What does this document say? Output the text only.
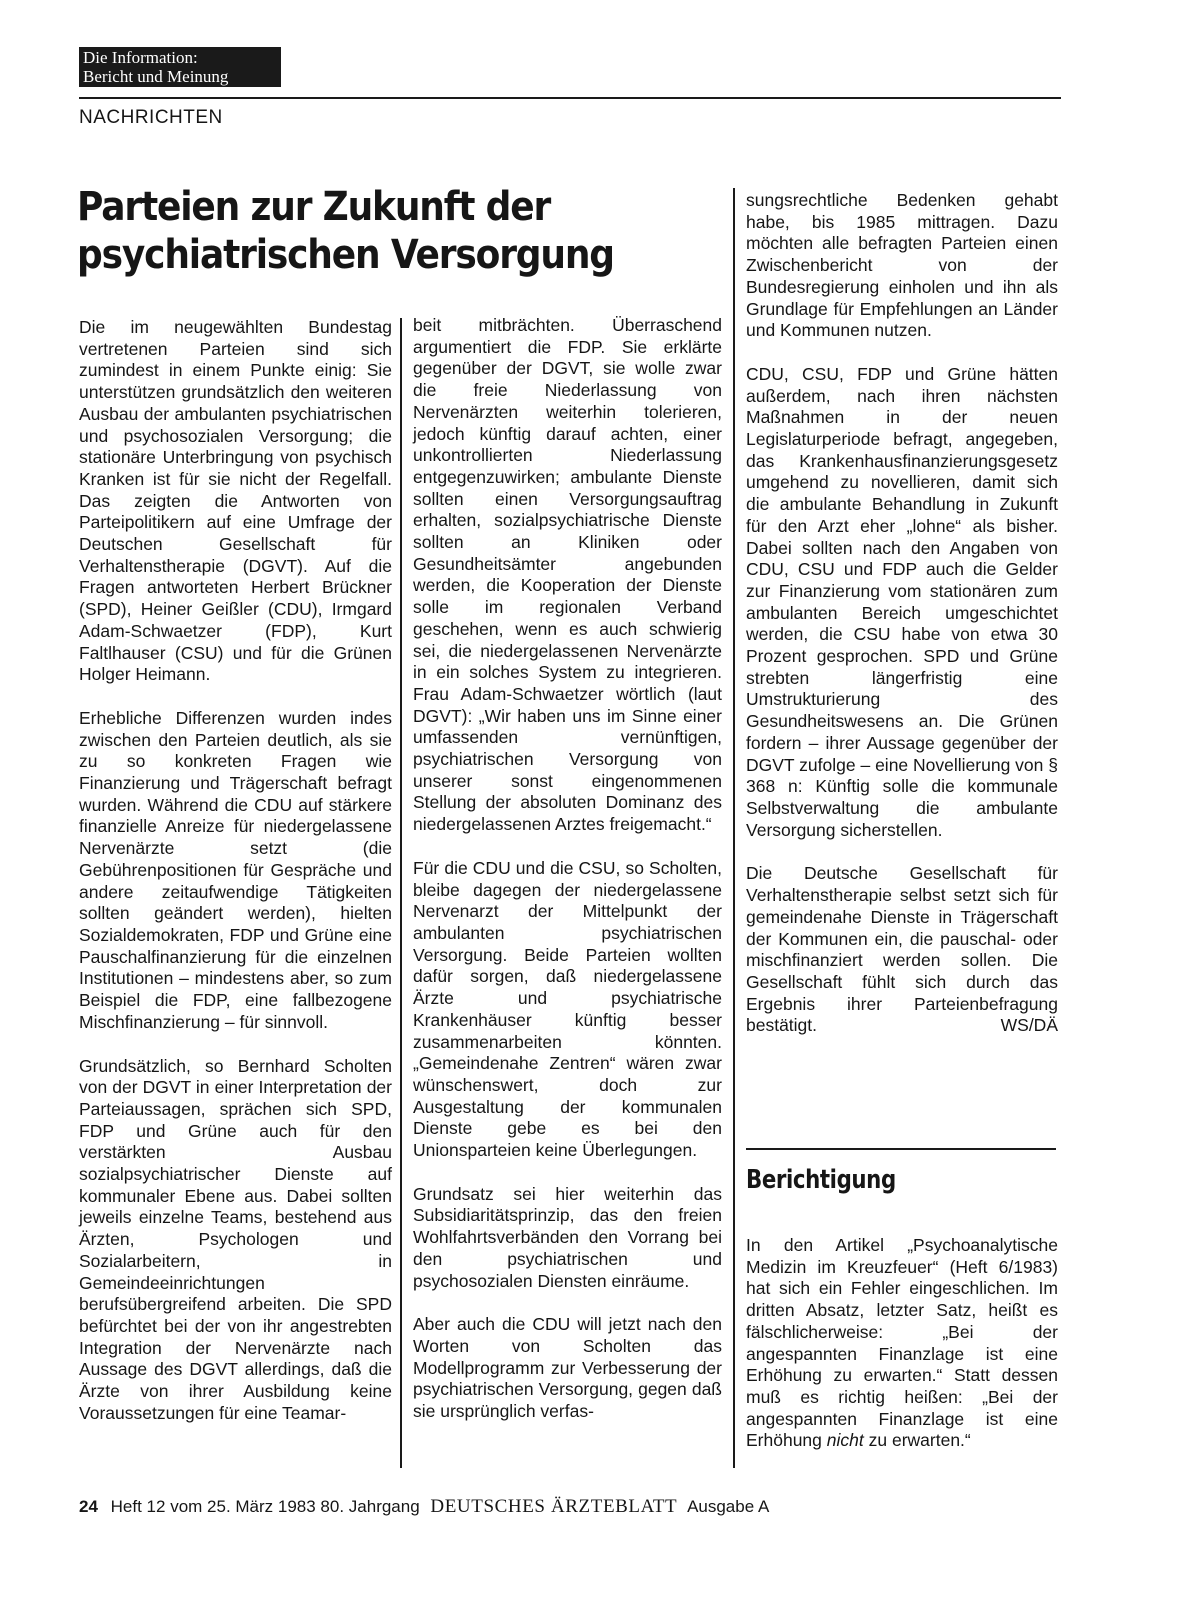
Die Information:
Bericht und Meinung
NACHRICHTEN
Parteien zur Zukunft der
psychiatrischen Versorgung

Die im neugewählten Bundestag vertretenen Parteien sind sich zumindest in einem Punkte einig: Sie unterstützen grundsätzlich den weiteren Ausbau der ambulanten psychiatrischen und psychosozialen Versorgung; die stationäre Unterbringung von psychisch Kranken ist für sie nicht der Regelfall. Das zeigten die Antworten von Parteipolitikern auf eine Umfrage der Deutschen Gesellschaft für Verhaltenstherapie (DGVT). Auf die Fragen antworteten Herbert Brückner (SPD), Heiner Geißler (CDU), Irmgard Adam-Schwaetzer (FDP), Kurt Faltlhauser (CSU) und für die Grünen Holger Heimann.

Erhebliche Differenzen wurden indes zwischen den Parteien deutlich, als sie zu so konkreten Fragen wie Finanzierung und Trägerschaft befragt wurden. Während die CDU auf stärkere finanzielle Anreize für niedergelassene Nervenärzte setzt (die Gebührenpositionen für Gespräche und andere zeitaufwendige Tätigkeiten sollten geändert werden), hielten Sozialdemokraten, FDP und Grüne eine Pauschalfinanzierung für die einzelnen Institutionen – mindestens aber, so zum Beispiel die FDP, eine fallbezogene Mischfinanzierung – für sinnvoll.

Grundsätzlich, so Bernhard Scholten von der DGVT in einer Interpretation der Parteiaussagen, sprächen sich SPD, FDP und Grüne auch für den verstärkten Ausbau sozialpsychiatrischer Dienste auf kommunaler Ebene aus. Dabei sollten jeweils einzelne Teams, bestehend aus Ärzten, Psychologen und Sozialarbeitern, in Gemeindeeinrichtungen berufsübergreifend arbeiten. Die SPD befürchtet bei der von ihr angestrebten Integration der Nervenärzte nach Aussage des DGVT allerdings, daß die Ärzte von ihrer Ausbildung keine Voraussetzungen für eine Teamar-

beit mitbrächten. Überraschend argumentiert die FDP. Sie erklärte gegenüber der DGVT, sie wolle zwar die freie Niederlassung von Nervenärzten weiterhin tolerieren, jedoch künftig darauf achten, einer unkontrollierten Niederlassung entgegenzuwirken; ambulante Dienste sollten einen Versorgungsauftrag erhalten, sozialpsychiatrische Dienste sollten an Kliniken oder Gesundheitsämter angebunden werden, die Kooperation der Dienste solle im regionalen Verband geschehen, wenn es auch schwierig sei, die niedergelassenen Nervenärzte in ein solches System zu integrieren. Frau Adam-Schwaetzer wörtlich (laut DGVT): „Wir haben uns im Sinne einer umfassenden vernünftigen, psychiatrischen Versorgung von unserer sonst eingenommenen Stellung der absoluten Dominanz des niedergelassenen Arztes freigemacht.“

Für die CDU und die CSU, so Scholten, bleibe dagegen der niedergelassene Nervenarzt der Mittelpunkt der ambulanten psychiatrischen Versorgung. Beide Parteien wollten dafür sorgen, daß niedergelassene Ärzte und psychiatrische Krankenhäuser künftig besser zusammenarbeiten könnten. „Gemeindenahe Zentren“ wären zwar wünschenswert, doch zur Ausgestaltung der kommunalen Dienste gebe es bei den Unionsparteien keine Überlegungen.

Grundsatz sei hier weiterhin das Subsidiaritätsprinzip, das den freien Wohlfahrtsverbänden den Vorrang bei den psychiatrischen und psychosozialen Diensten einräume.

Aber auch die CDU will jetzt nach den Worten von Scholten das Modellprogramm zur Verbesserung der psychiatrischen Versorgung, gegen daß sie ursprünglich verfas-

sungsrechtliche Bedenken gehabt habe, bis 1985 mittragen. Dazu möchten alle befragten Parteien einen Zwischenbericht von der Bundesregierung einholen und ihn als Grundlage für Empfehlungen an Länder und Kommunen nutzen.

CDU, CSU, FDP und Grüne hätten außerdem, nach ihren nächsten Maßnahmen in der neuen Legislaturperiode befragt, angegeben, das Krankenhausfinanzierungsgesetz umgehend zu novellieren, damit sich die ambulante Behandlung in Zukunft für den Arzt eher „lohne“ als bisher. Dabei sollten nach den Angaben von CDU, CSU und FDP auch die Gelder zur Finanzierung vom stationären zum ambulanten Bereich umgeschichtet werden, die CSU habe von etwa 30 Prozent gesprochen. SPD und Grüne strebten längerfristig eine Umstrukturierung des Gesundheitswesens an. Die Grünen fordern – ihrer Aussage gegenüber der DGVT zufolge – eine Novellierung von § 368 n: Künftig solle die kommunale Selbstverwaltung die ambulante Versorgung sicherstellen.

Die Deutsche Gesellschaft für Verhaltenstherapie selbst setzt sich für gemeindenahe Dienste in Trägerschaft der Kommunen ein, die pauschal- oder mischfinanziert werden sollen. Die Gesellschaft fühlt sich durch das Ergebnis ihrer Parteienbefragung bestätigt.	WS/DÄ
Berichtigung

In den Artikel „Psychoanalytische Medizin im Kreuzfeuer“ (Heft 6/1983) hat sich ein Fehler eingeschlichen. Im dritten Absatz, letzter Satz, heißt es fälschlicherweise: „Bei der angespannten Finanzlage ist eine Erhöhung zu erwarten.“ Statt dessen muß es richtig heißen: „Bei der angespannten Finanzlage ist eine Erhöhung nicht zu erwarten.“

24 Heft 12 vom 25. März 1983 80. Jahrgang DEUTSCHES ÄRZTEBLATT Ausgabe A
